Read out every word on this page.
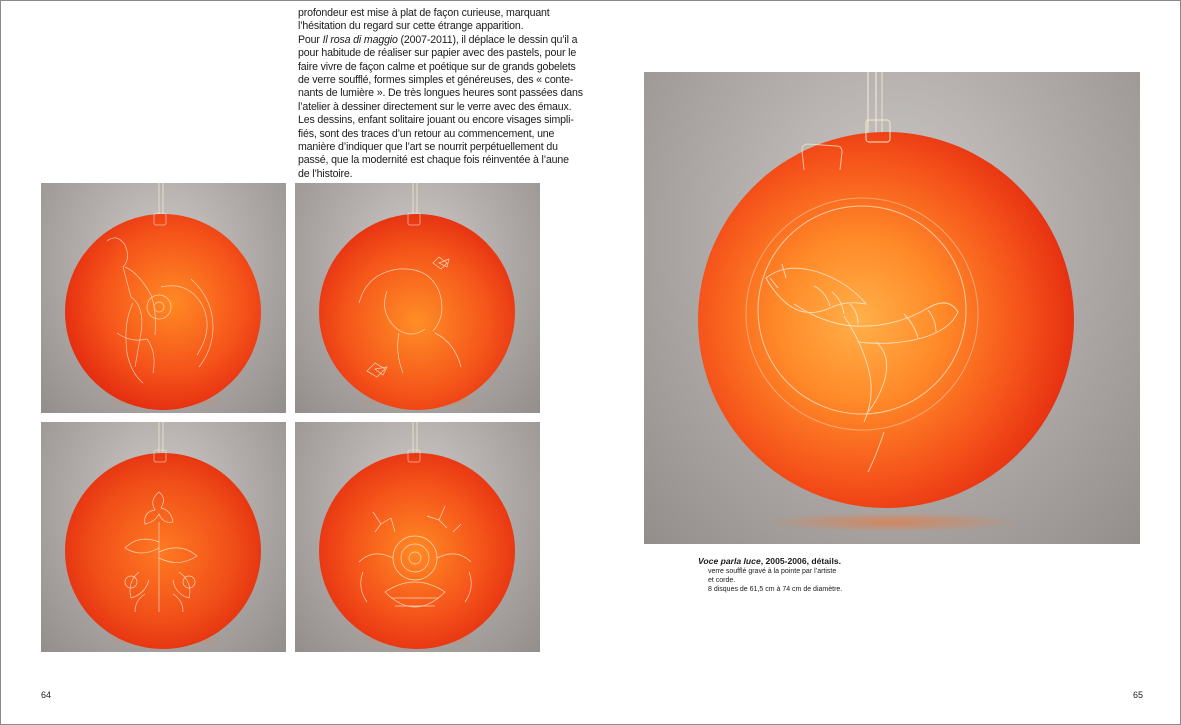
profondeur est mise à plat de façon curieuse, marquant
l’hésitation du regard sur cette étrange apparition.
Pour Il rosa di maggio (2007-2011), il déplace le dessin qu’il a
pour habitude de réaliser sur papier avec des pastels, pour le
faire vivre de façon calme et poétique sur de grands gobelets
de verre soufflé, formes simples et généreuses, des « conte-
nants de lumière ». De très longues heures sont passées dans
l’atelier à dessiner directement sur le verre avec des émaux.
Les dessins, enfant solitaire jouant ou encore visages simpli-
fiés, sont des traces d’un retour au commencement, une
manière d’indiquer que l’art se nourrit perpétuellement du
passé, que la modernité est chaque fois réinventée à l’aune
de l’histoire.
Voce parla luce, 2005-2006, détails.
verre soufflé gravé à la pointe par l’artiste
et corde.
8 disques de 61,5 cm à 74 cm de diamètre.
64	65
